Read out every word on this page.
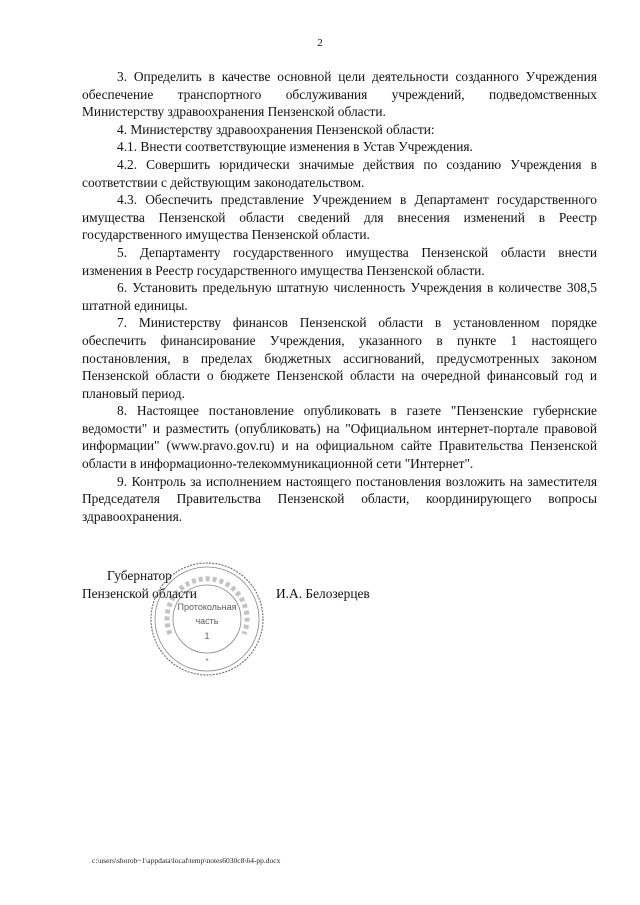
2

3. Определить в качестве основной цели деятельности созданного Учреждения обеспечение транспортного обслуживания учреждений, подведомственных Министерству здравоохранения Пензенской области.

4. Министерству здравоохранения Пензенской области:

4.1. Внести соответствующие изменения в Устав Учреждения.

4.2. Совершить юридически значимые действия по созданию Учреждения в соответствии с действующим законодательством.

4.3. Обеспечить представление Учреждением в Департамент государственного имущества Пензенской области сведений для внесения изменений в Реестр государственного имущества Пензенской области.

5. Департаменту государственного имущества Пензенской области внести изменения в Реестр государственного имущества Пензенской области.

6. Установить предельную штатную численность Учреждения в количестве 308,5 штатной единицы.

7. Министерству финансов Пензенской области в установленном порядке обеспечить финансирование Учреждения, указанного в пункте 1 настоящего постановления, в пределах бюджетных ассигнований, предусмотренных законом Пензенской области о бюджете Пензенской области на очередной финансовый год и плановый период.

8. Настоящее постановление опубликовать в газете "Пензенские губернские ведомости" и разместить (опубликовать) на "Официальном интернет-портале правовой информации" (www.pravo.gov.ru) и на официальном сайте Правительства Пензенской области в информационно-телекоммуникационной сети "Интернет".

9. Контроль за исполнением настоящего постановления возложить на заместителя Председателя Правительства Пензенской области, координирующего вопросы здравоохранения.

Губернатор
Пензенской области	И.А. Белозерцев
*
Протокольная
часть
1
c:\users\shorob~1\appdata\local\temp\notes6030c8\64-pp.docx
